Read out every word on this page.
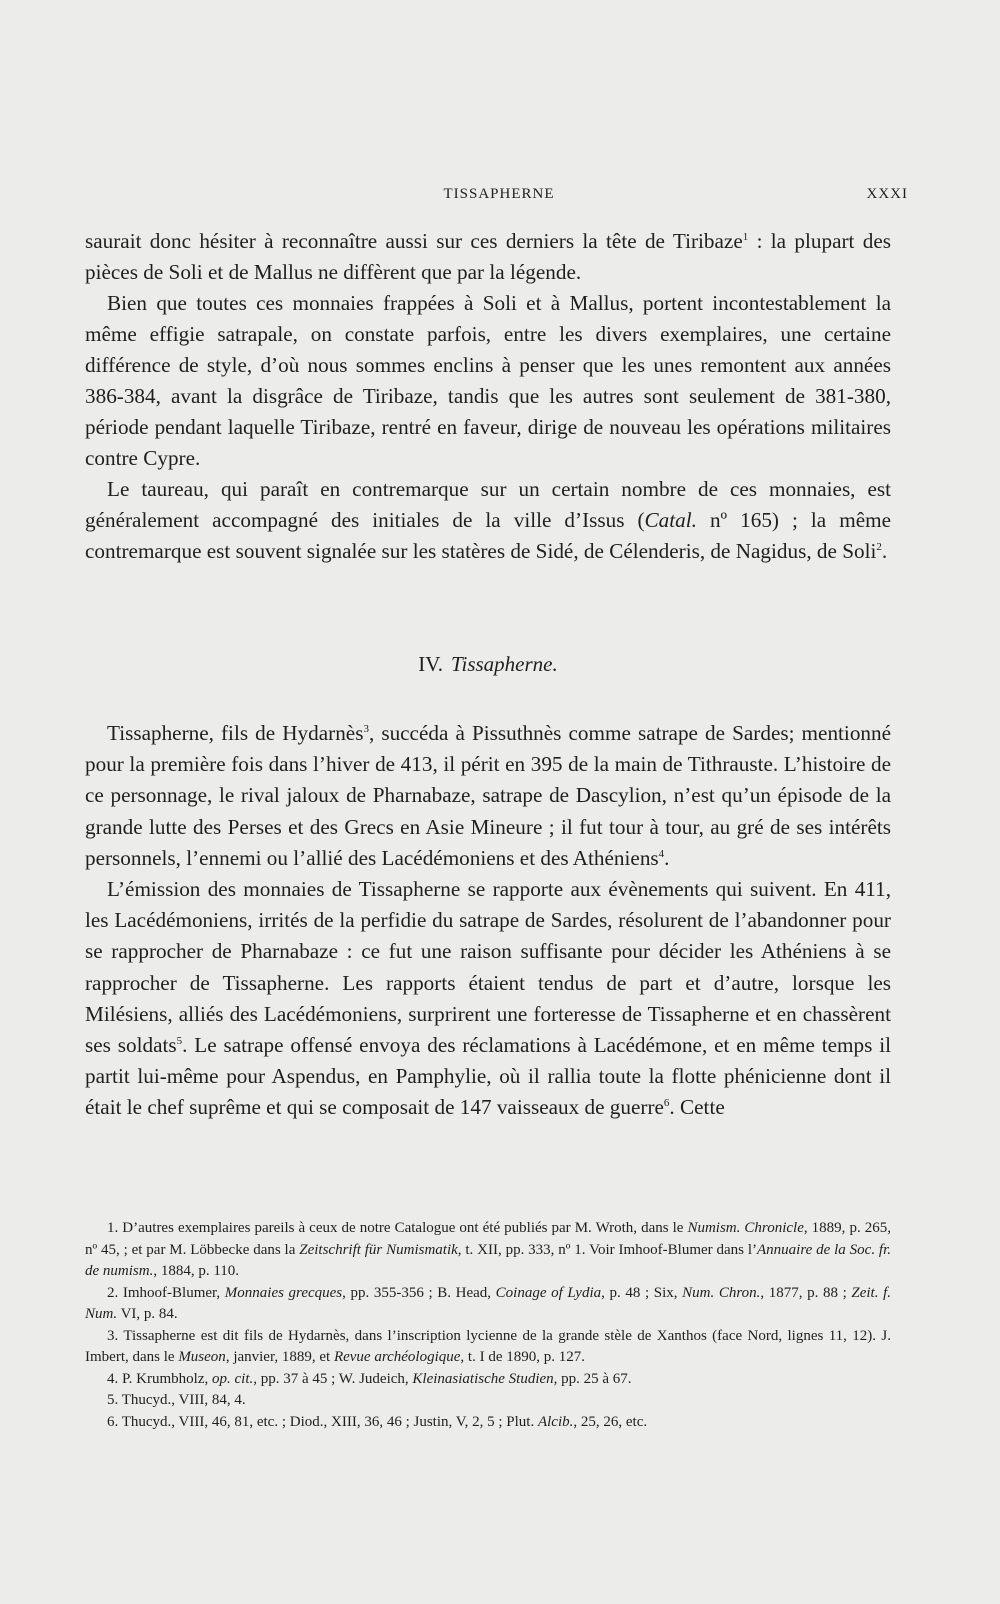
TISSAPHERNE	XXXI

saurait donc hésiter à reconnaître aussi sur ces derniers la tête de Tiribaze$^1$ : la plupart des pièces de Soli et de Mallus ne diffèrent que par la légende.

Bien que toutes ces monnaies frappées à Soli et à Mallus, portent incontestablement la même effigie satrapale, on constate parfois, entre les divers exemplaires, une certaine différence de style, d’où nous sommes enclins à penser que les unes remontent aux années 386-384, avant la disgrâce de Tiribaze, tandis que les autres sont seulement de 381-380, période pendant laquelle Tiribaze, rentré en faveur, dirige de nouveau les opérations militaires contre Cypre.

Le taureau, qui paraît en contremarque sur un certain nombre de ces monnaies, est généralement accompagné des initiales de la ville d’Issus (Catal. nº 165) ; la même contremarque est souvent signalée sur les statères de Sidé, de Célenderis, de Nagidus, de Soli$^2$.

IV. Tissapherne.

Tissapherne, fils de Hydarnès$^3$, succéda à Pissuthnès comme satrape de Sardes; mentionné pour la première fois dans l’hiver de 413, il périt en 395 de la main de Tithrauste. L’histoire de ce personnage, le rival jaloux de Pharnabaze, satrape de Dascylion, n’est qu’un épisode de la grande lutte des Perses et des Grecs en Asie Mineure ; il fut tour à tour, au gré de ses intérêts personnels, l’ennemi ou l’allié des Lacédémoniens et des Athéniens$^4$.

L’émission des monnaies de Tissapherne se rapporte aux évènements qui suivent. En 411, les Lacédémoniens, irrités de la perfidie du satrape de Sardes, résolurent de l’abandonner pour se rapprocher de Pharnabaze : ce fut une raison suffisante pour décider les Athéniens à se rapprocher de Tissapherne. Les rapports étaient tendus de part et d’autre, lorsque les Milésiens, alliés des Lacédémoniens, surprirent une forteresse de Tissapherne et en chassèrent ses soldats$^5$. Le satrape offensé envoya des réclamations à Lacédémone, et en même temps il partit lui-même pour Aspendus, en Pamphylie, où il rallia toute la flotte phénicienne dont il était le chef suprême et qui se composait de 147 vaisseaux de guerre$^6$. Cette

1. D’autres exemplaires pareils à ceux de notre Catalogue ont été publiés par M. Wroth, dans le Numism. Chronicle, 1889, p. 265, nº 45, ; et par M. Löbbecke dans la Zeitschrift für Numismatik, t. XII, pp. 333, nº 1. Voir Imhoof-Blumer dans l’Annuaire de la Soc. fr. de numism., 1884, p. 110.

2. Imhoof-Blumer, Monnaies grecques, pp. 355-356 ; B. Head, Coinage of Lydia, p. 48 ; Six, Num. Chron., 1877, p. 88 ; Zeit. f. Num. VI, p. 84.

3. Tissapherne est dit fils de Hydarnès, dans l’inscription lycienne de la grande stèle de Xanthos (face Nord, lignes 11, 12). J. Imbert, dans le Museon, janvier, 1889, et Revue archéologique, t. I de 1890, p. 127.

4. P. Krumbholz, op. cit., pp. 37 à 45 ; W. Judeich, Kleinasiatische Studien, pp. 25 à 67.

5. Thucyd., VIII, 84, 4.

6. Thucyd., VIII, 46, 81, etc. ; Diod., XIII, 36, 46 ; Justin, V, 2, 5 ; Plut. Alcib., 25, 26, etc.
